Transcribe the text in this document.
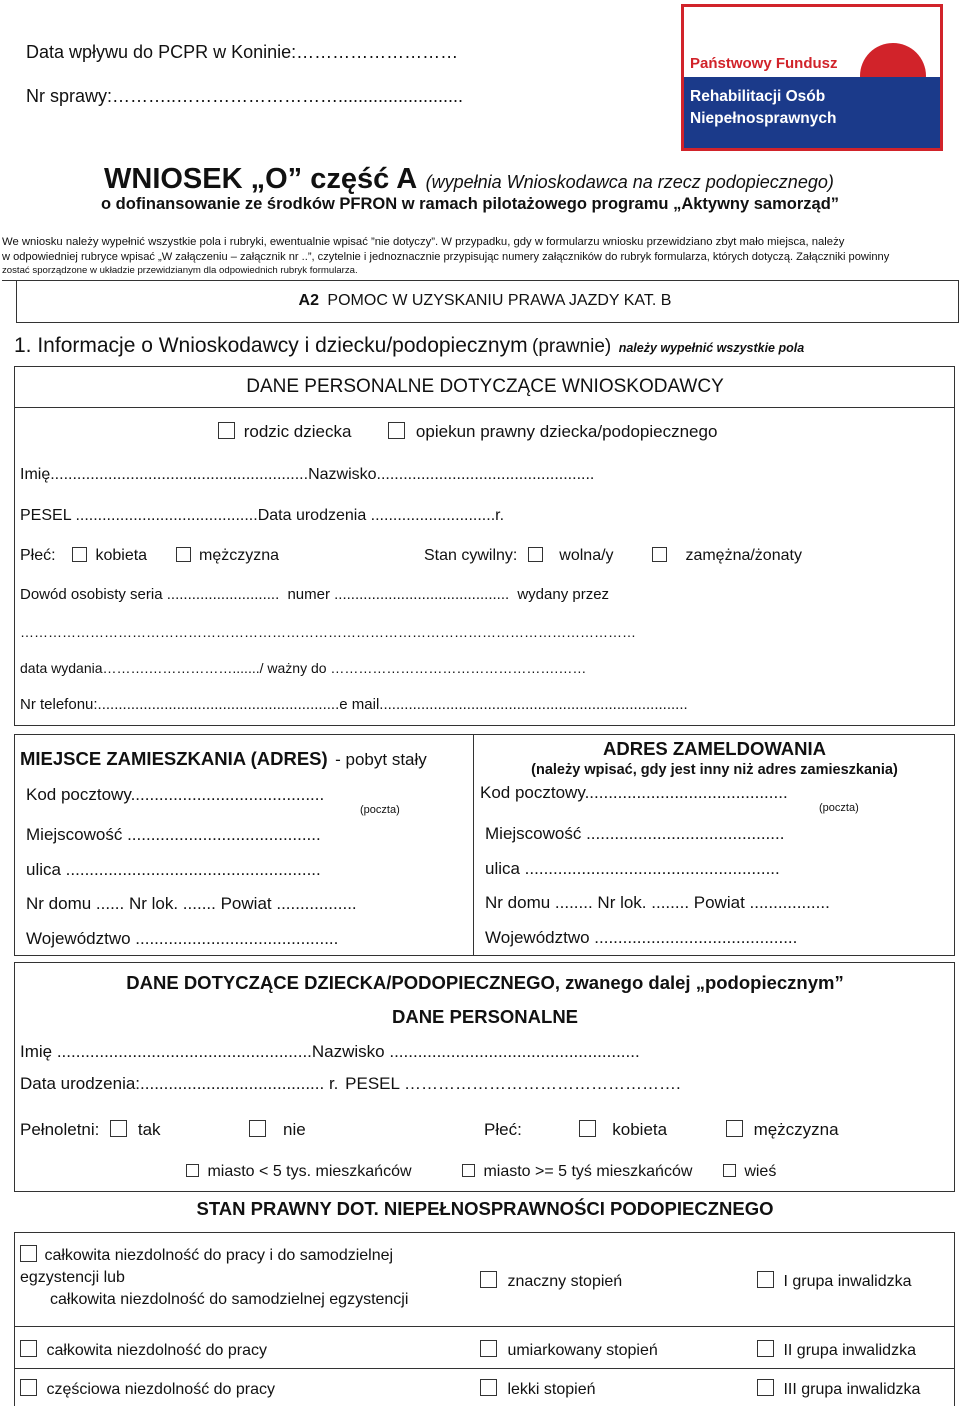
Data wpływu do PCPR w Koninie:………………………
Nr sprawy:………..……………………….........................
Państwowy Fundusz
Rehabilitacji Osób
Niepełnosprawnych
WNIOSEK „O” część A (wypełnia Wnioskodawca na rzecz podopiecznego)
o dofinansowanie ze środków PFRON w ramach pilotażowego programu „Aktywny samorząd”
We wniosku należy wypełnić wszystkie pola i rubryki, ewentualnie wpisać ”nie dotyczy”. W przypadku, gdy w formularzu wniosku przewidziano zbyt mało miejsca, należy
w odpowiedniej rubryce wpisać „W załączeniu – załącznik nr ..”, czytelnie i jednoznacznie przypisując numery załączników do rubryk formularza, których dotyczą. Załączniki powinny
zostać sporządzone w układzie przewidzianym dla odpowiednich rubryk formularza.
A2 POMOC W UZYSKANIU PRAWA JAZDY KAT. B
1. Informacje o Wnioskodawcy i dziecku/podopiecznym (prawnie) należy wypełnić wszystkie pola
DANE PERSONALNE DOTYCZĄCE WNIOSKODAWCY
rodzic dziecka	opiekun prawny dziecka/podopiecznego
Imię..........................................................Nazwisko.................................................
PESEL .........................................Data urodzenia ............................r.
Płeć: kobieta	mężczyzna	Stan cywilny:	wolna/y	zamężna/żonaty
Dowód osobisty seria ........................... numer .......................................... wydany przez
……………………………………………………………………………………………………………………
data wydania……….………………......./ ważny do ………………………………………….……
Nr telefonu:..........................................................e mail..........................................................................
MIEJSCE ZAMIESZKANIA (ADRES) - pobyt stały
Kod pocztowy.........................................
(poczta)
Miejscowość .........................................
ulica ......................................................
Nr domu ...... Nr lok. ....... Powiat .................
Województwo ...........................................
ADRES ZAMELDOWANIA
(należy wpisać, gdy jest inny niż adres zamieszkania)
Kod pocztowy...........................................
(poczta)
Miejscowość ..........................................
ulica ......................................................
Nr domu ........ Nr lok. ........ Powiat .................
Województwo ...........................................
DANE DOTYCZĄCE DZIECKA/PODOPIECZNEGO, zwanego dalej „podopiecznym”
DANE PERSONALNE
Imię ......................................................Nazwisko .....................................................
Data urodzenia:....................................... r. PESEL ………………………………………….
Pełnoletni: tak	nie	Płeć:	kobieta	mężczyzna
miasto < 5 tys. mieszkańców	miasto >= 5 tyś mieszkańców	wieś
STAN PRAWNY DOT. NIEPEŁNOSPRAWNOŚCI PODOPIECZNEGO
całkowita niezdolność do pracy i do samodzielnej
egzystencji lub
całkowita niezdolność do samodzielnej egzystencji
znaczny stopień	I grupa inwalidzka
całkowita niezdolność do pracy	umiarkowany stopień	II grupa inwalidzka
częściowa niezdolność do pracy	lekki stopień	III grupa inwalidzka
